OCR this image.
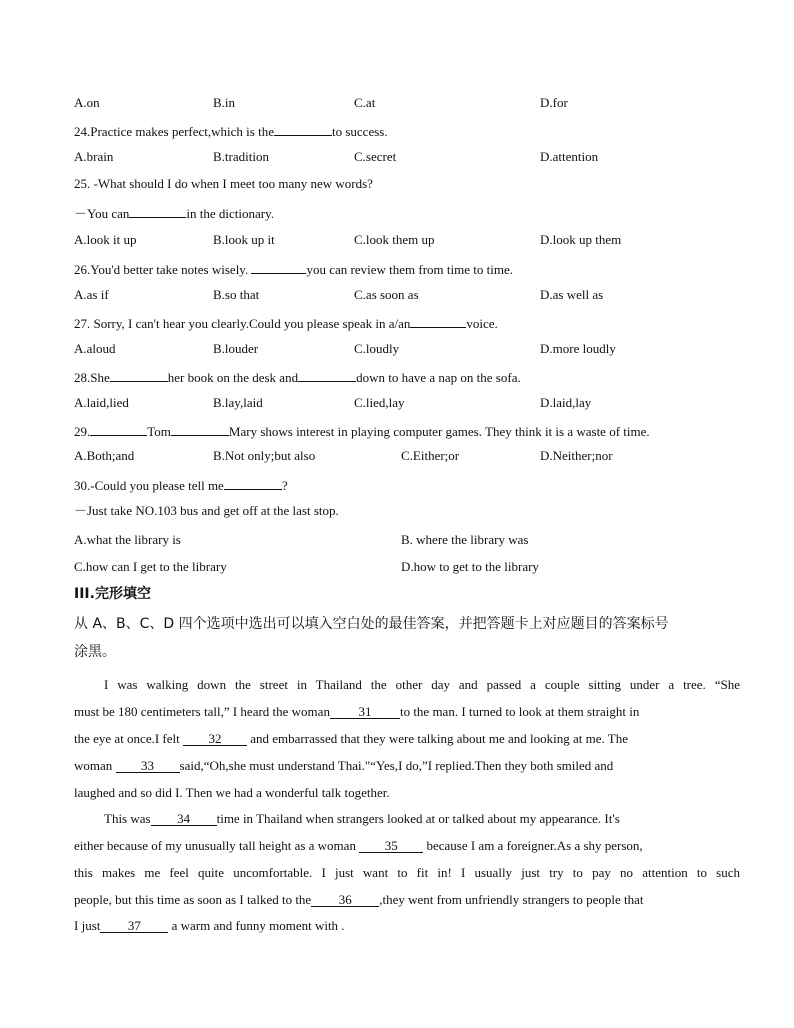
A.on	B.in	C.at	D.for
24.Practice makes perfect,which is the	to success.
A.brain	B.tradition	C.secret	D.attention
25. -What should I do when I meet too many new words?
－You can	in the dictionary.
A.look it up	B.look up it	C.look them up	D.look up them
26.You'd better take notes wisely.	you can review them from time to time.
A.as if	B.so that	C.as soon as	D.as well as
27. Sorry, I can't hear you clearly.Could you please speak in a/an	voice.
A.aloud	B.louder	C.loudly	D.more loudly
28.She	her book on the desk and	down to have a nap on the sofa.
A.laid,lied	B.lay,laid	C.lied,lay	D.laid,lay
29.	Tom	Mary shows interest in playing computer games. They think it is a waste of time.
A.Both;and	B.Not only;but also	C.Either;or	D.Neither;nor
30.-Could you please tell me	?
－Just take NO.103 bus and get off at the last stop.
A.what the library is	B. where the library was
C.how can I get to the library	D.how to get to the library
III.完形填空
从 A、B、C、D 四个选项中选出可以填入空白处的最佳答案，并把答题卡上对应题目的答案标号
涂黑。
I was walking down the street in Thailand the other day and passed a couple sitting under a tree. “She
must be 180 centimeters tall,” I heard the woman 31 to the man. I turned to look at them straight in
the eye at once.I felt 32 and embarrassed that they were talking about me and looking at me. The
woman 33 said,“Oh,she must understand Thai."“Yes,I do,”I replied.Then they both smiled and
laughed and so did I. Then we had a wonderful talk together.
This was 34 time in Thailand when strangers looked at or talked about my appearance. It's
either because of my unusually tall height as a woman 35 because I am a foreigner.As a shy person,
this makes me feel quite uncomfortable. I just want to fit in! I usually just try to pay no attention to such
people, but this time as soon as I talked to the 36 ,they went from unfriendly strangers to people that
I just 37 a warm and funny moment with .
